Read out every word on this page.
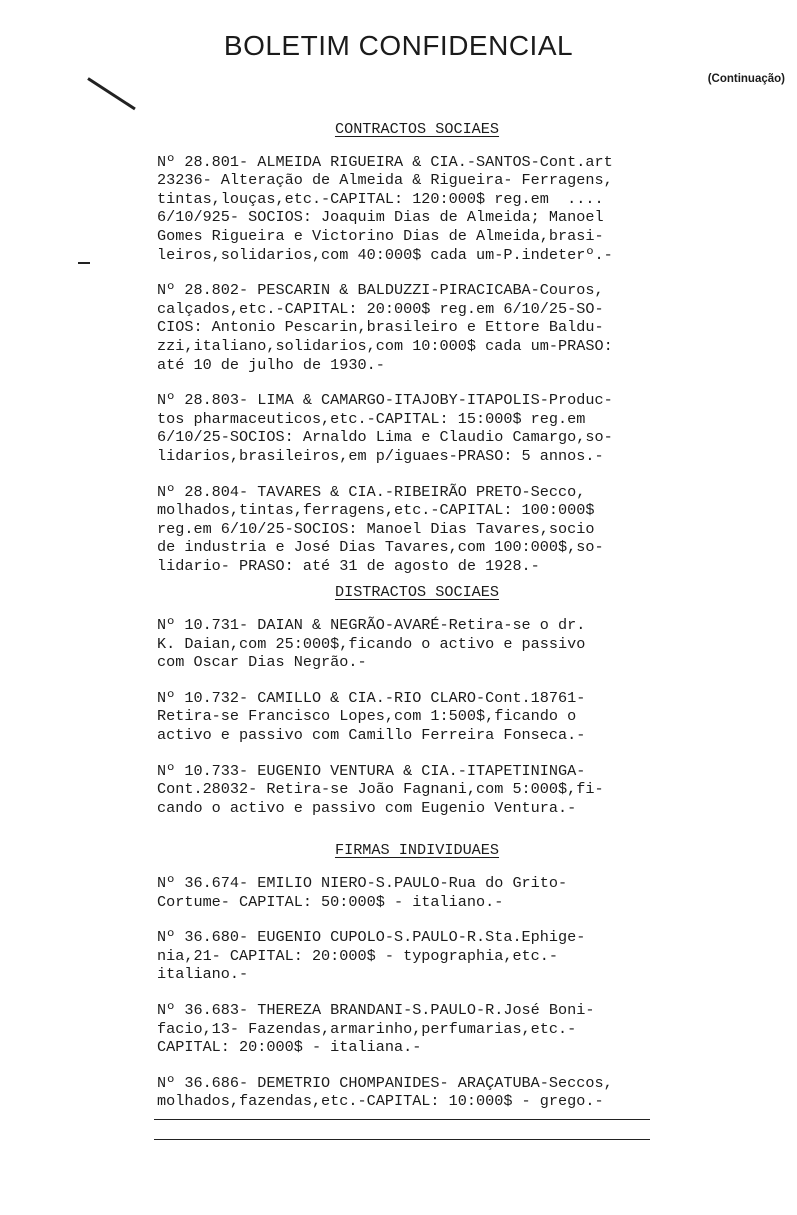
BOLETIM CONFIDENCIAL
(Continuação)
CONTRACTOS SOCIAES
Nº 28.801- ALMEIDA RIGUEIRA & CIA.-SANTOS-Cont.art
23236- Alteração de Almeida & Rigueira- Ferragens,
tintas,louças,etc.-CAPITAL: 120:000$ reg.em  ....
6/10/925- SOCIOS: Joaquim Dias de Almeida; Manoel
Gomes Rigueira e Victorino Dias de Almeida,brasi-
leiros,solidarios,com 40:000$ cada um-P.indeterº.-
Nº 28.802- PESCARIN & BALDUZZI-PIRACICABA-Couros,
calçados,etc.-CAPITAL: 20:000$ reg.em 6/10/25-SO-
CIOS: Antonio Pescarin,brasileiro e Ettore Baldu-
zzi,italiano,solidarios,com 10:000$ cada um-PRASO:
até 10 de julho de 1930.-
Nº 28.803- LIMA & CAMARGO-ITAJOBY-ITAPOLIS-Produc-
tos pharmaceuticos,etc.-CAPITAL: 15:000$ reg.em
6/10/25-SOCIOS: Arnaldo Lima e Claudio Camargo,so-
lidarios,brasileiros,em p/iguaes-PRASO: 5 annos.-
Nº 28.804- TAVARES & CIA.-RIBEIRÃO PRETO-Secco,
molhados,tintas,ferragens,etc.-CAPITAL: 100:000$
reg.em 6/10/25-SOCIOS: Manoel Dias Tavares,socio
de industria e José Dias Tavares,com 100:000$,so-
lidario- PRASO: até 31 de agosto de 1928.-
DISTRACTOS SOCIAES
Nº 10.731- DAIAN & NEGRÃO-AVARÉ-Retira-se o dr.
K. Daian,com 25:000$,ficando o activo e passivo
com Oscar Dias Negrão.-
Nº 10.732- CAMILLO & CIA.-RIO CLARO-Cont.18761-
Retira-se Francisco Lopes,com 1:500$,ficando o
activo e passivo com Camillo Ferreira Fonseca.-
Nº 10.733- EUGENIO VENTURA & CIA.-ITAPETININGA-
Cont.28032- Retira-se João Fagnani,com 5:000$,fi-
cando o activo e passivo com Eugenio Ventura.-
FIRMAS INDIVIDUAES
Nº 36.674- EMILIO NIERO-S.PAULO-Rua do Grito-
Cortume- CAPITAL: 50:000$ - italiano.-
Nº 36.680- EUGENIO CUPOLO-S.PAULO-R.Sta.Ephige-
nia,21- CAPITAL: 20:000$ - typographia,etc.-
italiano.-
Nº 36.683- THEREZA BRANDANI-S.PAULO-R.José Boni-
facio,13- Fazendas,armarinho,perfumarias,etc.-
CAPITAL: 20:000$ - italiana.-
Nº 36.686- DEMETRIO CHOMPANIDES- ARAÇATUBA-Seccos,
molhados,fazendas,etc.-CAPITAL: 10:000$ - grego.-
